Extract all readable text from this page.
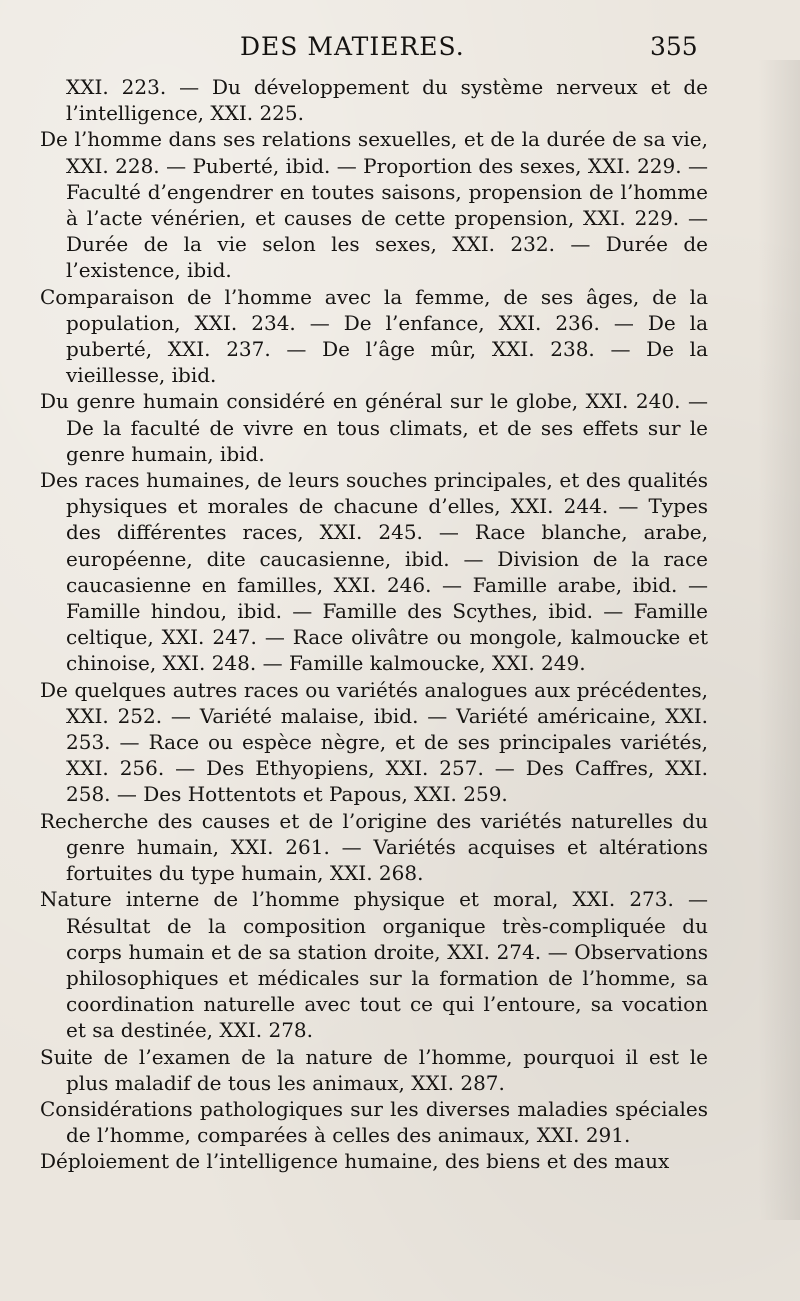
DES MATIERES.	355

XXI. 223. — Du développement du système nerveux et de l’intelligence, XXI. 225.

De l’homme dans ses relations sexuelles, et de la durée de sa vie, XXI. 228. — Puberté, ibid. — Proportion des sexes, XXI. 229. — Faculté d’engendrer en toutes saisons, propension de l’homme à l’acte vénérien, et causes de cette propension, XXI. 229. — Durée de la vie selon les sexes, XXI. 232. — Durée de l’existence, ibid.

Comparaison de l’homme avec la femme, de ses âges, de la population, XXI. 234. — De l’enfance, XXI. 236. — De la puberté, XXI. 237. — De l’âge mûr, XXI. 238. — De la vieillesse, ibid.

Du genre humain considéré en général sur le globe, XXI. 240. — De la faculté de vivre en tous climats, et de ses effets sur le genre humain, ibid.

Des races humaines, de leurs souches principales, et des qualités physiques et morales de chacune d’elles, XXI. 244. — Types des différentes races, XXI. 245. — Race blanche, arabe, européenne, dite caucasienne, ibid. — Division de la race caucasienne en familles, XXI. 246. — Famille arabe, ibid. — Famille hindou, ibid. — Famille des Scythes, ibid. — Famille celtique, XXI. 247. — Race olivâtre ou mongole, kalmoucke et chinoise, XXI. 248. — Famille kalmoucke, XXI. 249.

De quelques autres races ou variétés analogues aux précédentes, XXI. 252. — Variété malaise, ibid. — Variété américaine, XXI. 253. — Race ou espèce nègre, et de ses principales variétés, XXI. 256. — Des Ethyopiens, XXI. 257. — Des Caffres, XXI. 258. — Des Hottentots et Papous, XXI. 259.

Recherche des causes et de l’origine des variétés naturelles du genre humain, XXI. 261. — Variétés acquises et altérations fortuites du type humain, XXI. 268.

Nature interne de l’homme physique et moral, XXI. 273. — Résultat de la composition organique très-compliquée du corps humain et de sa station droite, XXI. 274. — Observations philosophiques et médicales sur la formation de l’homme, sa coordination naturelle avec tout ce qui l’entoure, sa vocation et sa destinée, XXI. 278.

Suite de l’examen de la nature de l’homme, pourquoi il est le plus maladif de tous les animaux, XXI. 287.

Considérations pathologiques sur les diverses maladies spéciales de l’homme, comparées à celles des animaux, XXI. 291.

Déploiement de l’intelligence humaine, des biens et des maux
